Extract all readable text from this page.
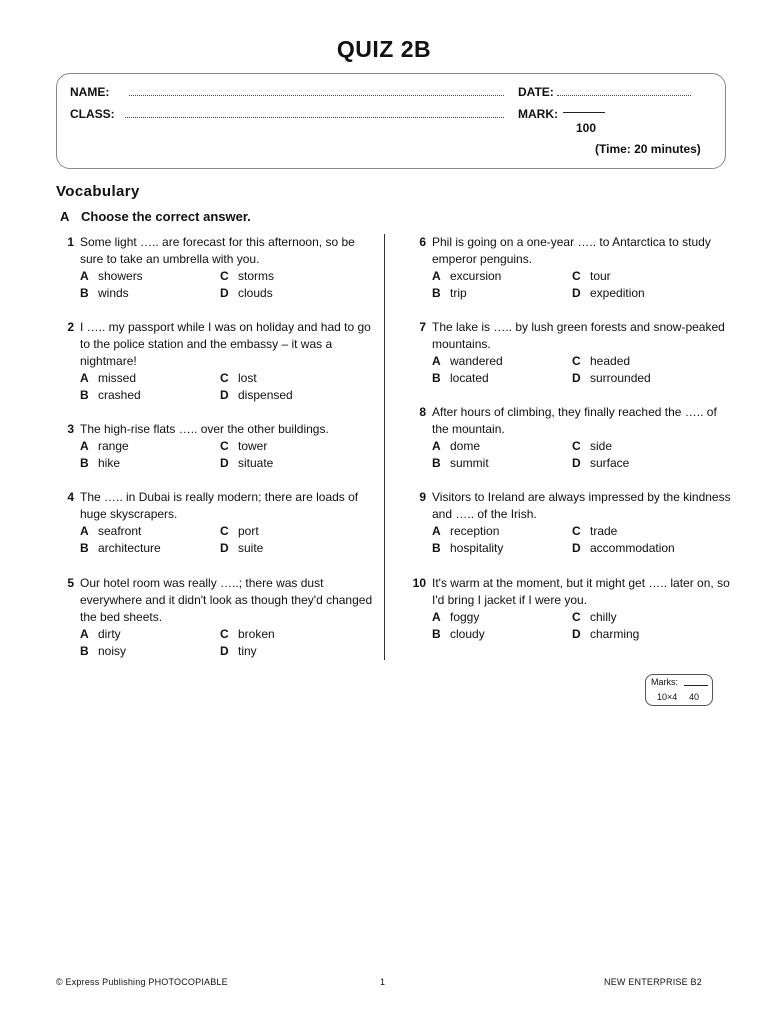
QUIZ 2B
NAME:	DATE:
CLASS:	MARK:
100
(Time: 20 minutes)
Vocabulary
A Choose the correct answer.
1 Some light ….. are forecast for this afternoon, so be sure to take an umbrella with you.
A showers	C storms
B winds	D clouds
2 I ….. my passport while I was on holiday and had to go to the police station and the embassy – it was a nightmare!
A missed	C lost
B crashed	D dispensed
3 The high-rise flats ….. over the other buildings.
A range	C tower
B hike	D situate
4 The ….. in Dubai is really modern; there are loads of huge skyscrapers.
A seafront	C port
B architecture	D suite
5 Our hotel room was really …..; there was dust everywhere and it didn't look as though they'd changed the bed sheets.
A dirty	C broken
B noisy	D tiny
6 Phil is going on a one-year ….. to Antarctica to study emperor penguins.
A excursion	C tour
B trip	D expedition
7 The lake is ….. by lush green forests and snow-peaked mountains.
A wandered	C headed
B located	D surrounded
8 After hours of climbing, they finally reached the ….. of the mountain.
A dome	C side
B summit	D surface
9 Visitors to Ireland are always impressed by the kindness and ….. of the Irish.
A reception	C trade
B hospitality	D accommodation
10 It's warm at the moment, but it might get ….. later on, so I'd bring I jacket if I were you.
A foggy	C chilly
B cloudy	D charming
Marks:
10×4 40
© Express Publishing PHOTOCOPIABLE	1	NEW ENTERPRISE B2
